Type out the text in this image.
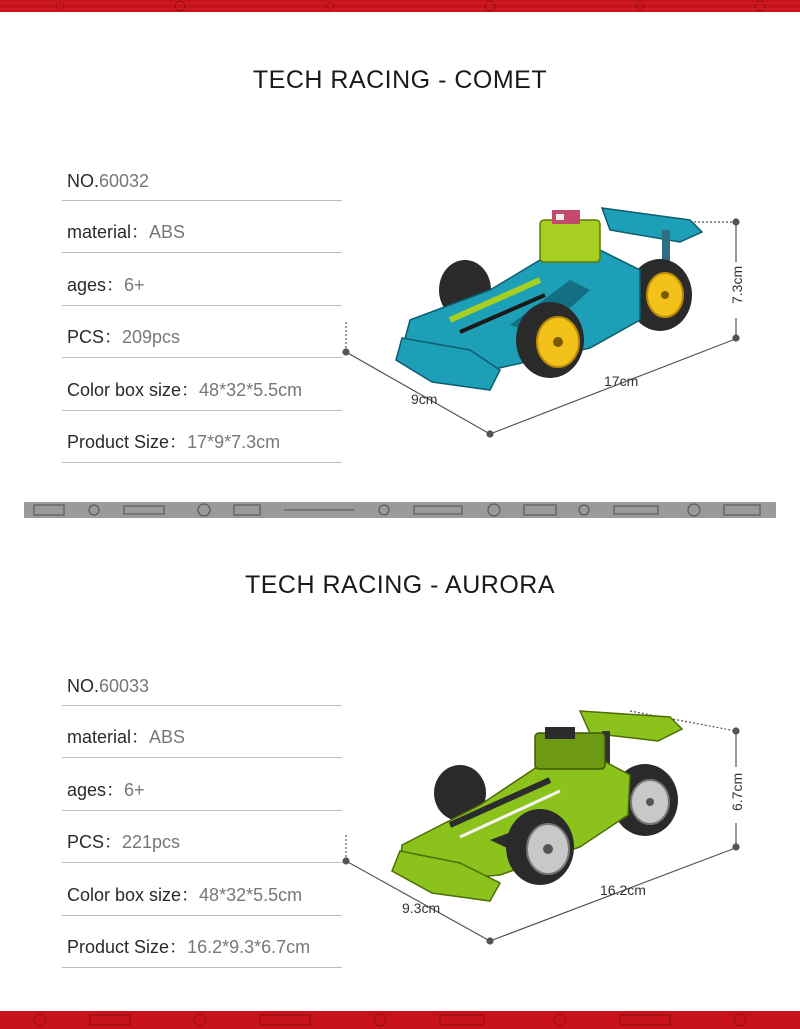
TECH RACING - COMET
NO.60032
material：ABS
ages：6+
PCS：209pcs
Color box size：48*32*5.5cm
Product Size：17*9*7.3cm
9cm
17cm
7.3cm
TECH RACING - AURORA
NO.60033
material：ABS
ages：6+
PCS：221pcs
Color box size：48*32*5.5cm
Product Size：16.2*9.3*6.7cm
9.3cm
16.2cm
6.7cm
